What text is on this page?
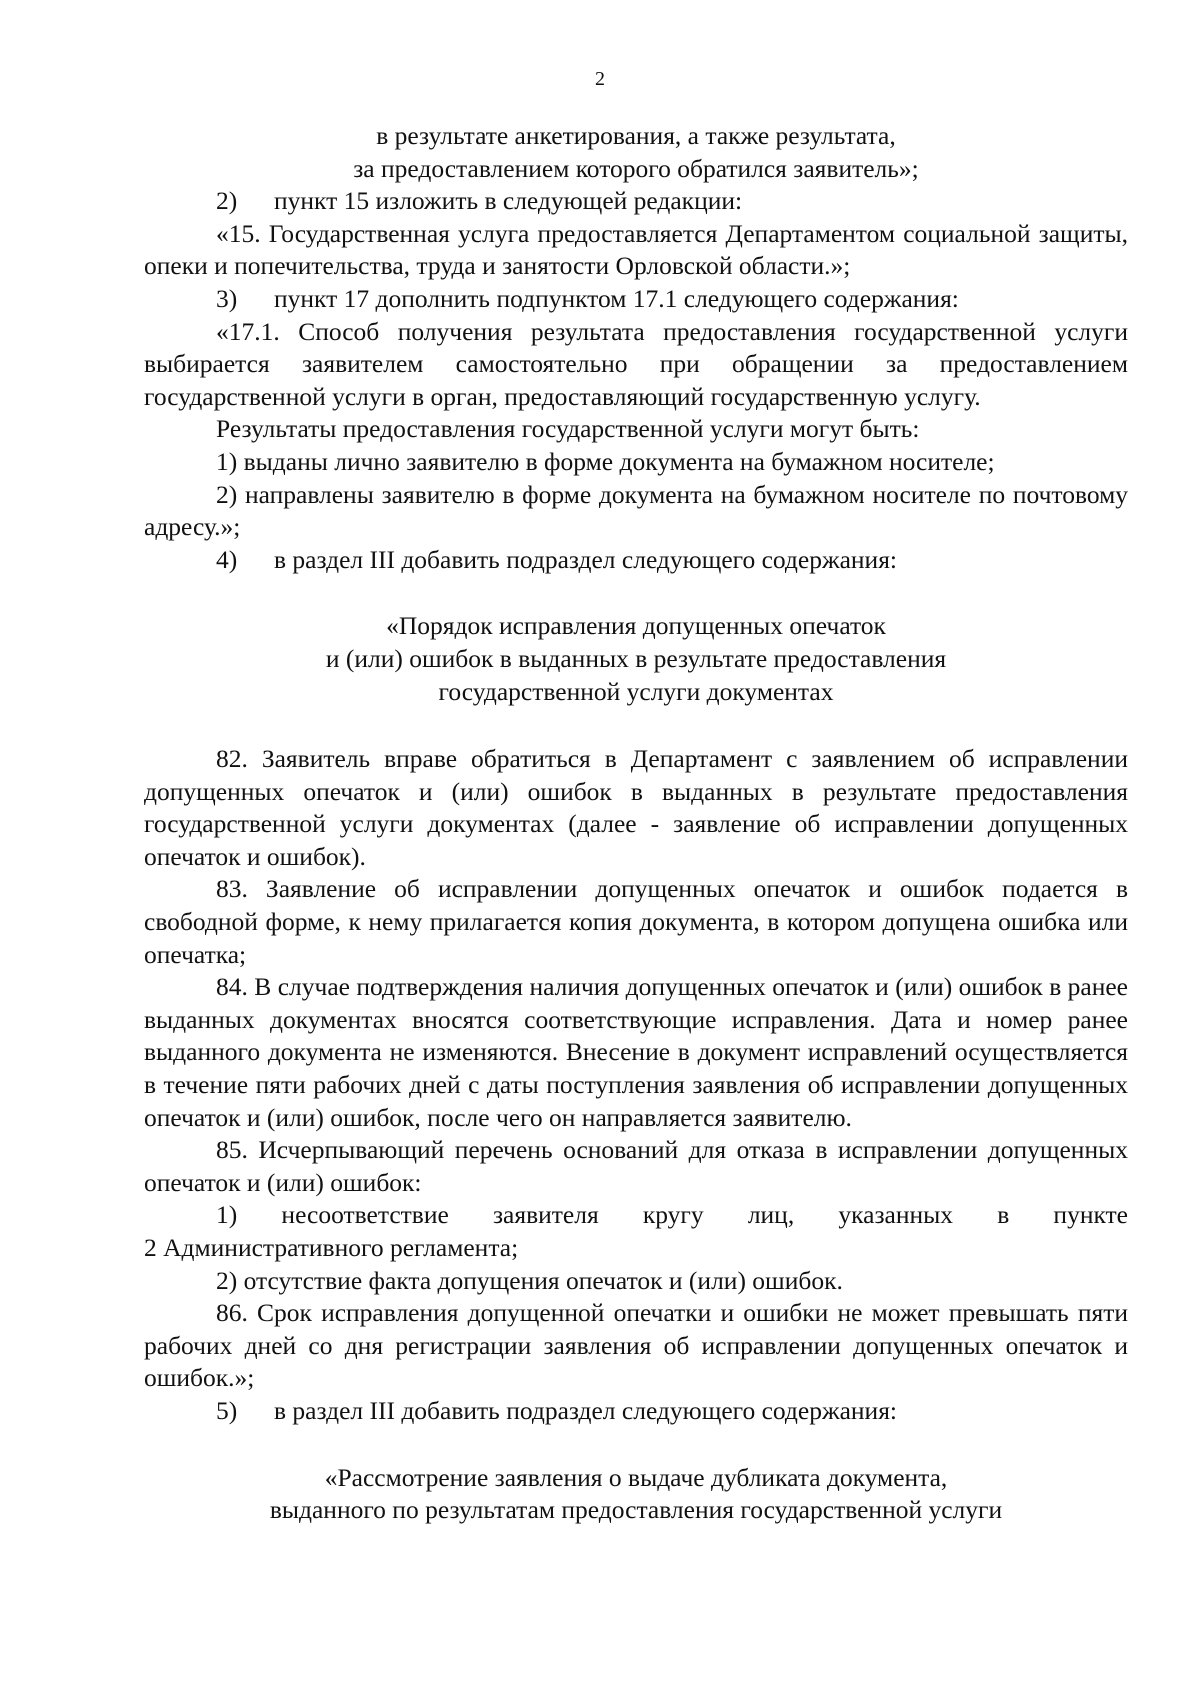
2

в результате анкетирования, а также результата,

за предоставлением которого обратился заявитель»;

2) пункт 15 изложить в следующей редакции:

«15. Государственная услуга предоставляется Департаментом социальной защиты, опеки и попечительства, труда и занятости Орловской области.»;

3) пункт 17 дополнить подпунктом 17.1 следующего содержания:

«17.1. Способ получения результата предоставления государственной услуги выбирается заявителем самостоятельно при обращении за предоставлением государственной услуги в орган, предоставляющий государственную услугу.

Результаты предоставления государственной услуги могут быть:

1) выданы лично заявителю в форме документа на бумажном носителе;

2) направлены заявителю в форме документа на бумажном носителе по почтовому адресу.»;

4) в раздел III добавить подраздел следующего содержания:

«Порядок исправления допущенных опечаток

и (или) ошибок в выданных в результате предоставления

государственной услуги документах

82. Заявитель вправе обратиться в Департамент с заявлением об исправлении допущенных опечаток и (или) ошибок в выданных в результате предоставления государственной услуги документах (далее - заявление об исправлении допущенных опечаток и ошибок).

83. Заявление об исправлении допущенных опечаток и ошибок подается в свободной форме, к нему прилагается копия документа, в котором допущена ошибка или опечатка;

84. В случае подтверждения наличия допущенных опечаток и (или) ошибок в ранее выданных документах вносятся соответствующие исправления. Дата и номер ранее выданного документа не изменяются. Внесение в документ исправлений осуществляется в течение пяти рабочих дней с даты поступления заявления об исправлении допущенных опечаток и (или) ошибок, после чего он направляется заявителю.

85. Исчерпывающий перечень оснований для отказа в исправлении допущенных опечаток и (или) ошибок:

1) несоответствие заявителя кругу лиц, указанных в пункте

2 Административного регламента;

2) отсутствие факта допущения опечаток и (или) ошибок.

86. Срок исправления допущенной опечатки и ошибки не может превышать пяти рабочих дней со дня регистрации заявления об исправлении допущенных опечаток и ошибок.»;

5) в раздел III добавить подраздел следующего содержания:

«Рассмотрение заявления о выдаче дубликата документа,

выданного по результатам предоставления государственной услуги
